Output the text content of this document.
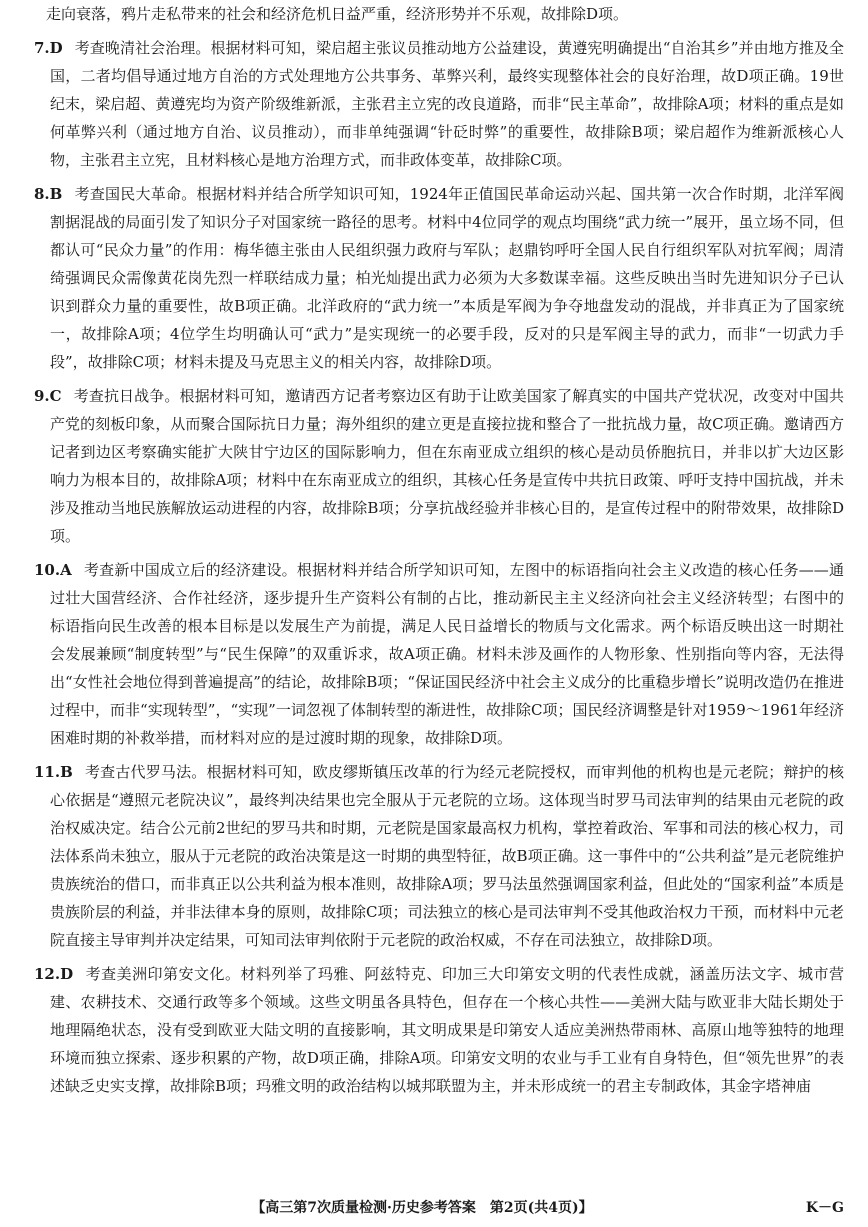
走向衰落，鸦片走私带来的社会和经济危机日益严重，经济形势并不乐观，故排除D项。

7.D 考查晚清社会治理。根据材料可知，梁启超主张议员推动地方公益建设，黄遵宪明确提出“自治其乡”并由地方推及全国，二者均倡导通过地方自治的方式处理地方公共事务、革弊兴利，最终实现整体社会的良好治理，故D项正确。19世纪末，梁启超、黄遵宪均为资产阶级维新派，主张君主立宪的改良道路，而非“民主革命”，故排除A项；材料的重点是如何革弊兴利（通过地方自治、议员推动），而非单纯强调“针砭时弊”的重要性，故排除B项；梁启超作为维新派核心人物，主张君主立宪，且材料核心是地方治理方式，而非政体变革，故排除C项。

8.B 考查国民大革命。根据材料并结合所学知识可知，1924年正值国民革命运动兴起、国共第一次合作时期，北洋军阀割据混战的局面引发了知识分子对国家统一路径的思考。材料中4位同学的观点均围绕“武力统一”展开，虽立场不同，但都认可“民众力量”的作用：梅华德主张由人民组织强力政府与军队；赵鼎钧呼吁全国人民自行组织军队对抗军阀；周清绮强调民众需像黄花岗先烈一样联结成力量；柏光灿提出武力必须为大多数谋幸福。这些反映出当时先进知识分子已认识到群众力量的重要性，故B项正确。北洋政府的“武力统一”本质是军阀为争夺地盘发动的混战，并非真正为了国家统一，故排除A项；4位学生均明确认可“武力”是实现统一的必要手段，反对的只是军阀主导的武力，而非“一切武力手段”，故排除C项；材料未提及马克思主义的相关内容，故排除D项。

9.C 考查抗日战争。根据材料可知，邀请西方记者考察边区有助于让欧美国家了解真实的中国共产党状况，改变对中国共产党的刻板印象，从而聚合国际抗日力量；海外组织的建立更是直接拉拢和整合了一批抗战力量，故C项正确。邀请西方记者到边区考察确实能扩大陕甘宁边区的国际影响力，但在东南亚成立组织的核心是动员侨胞抗日，并非以扩大边区影响力为根本目的，故排除A项；材料中在东南亚成立的组织，其核心任务是宣传中共抗日政策、呼吁支持中国抗战，并未涉及推动当地民族解放运动进程的内容，故排除B项；分享抗战经验并非核心目的，是宣传过程中的附带效果，故排除D项。

10.A 考查新中国成立后的经济建设。根据材料并结合所学知识可知，左图中的标语指向社会主义改造的核心任务——通过壮大国营经济、合作社经济，逐步提升生产资料公有制的占比，推动新民主主义经济向社会主义经济转型；右图中的标语指向民生改善的根本目标是以发展生产为前提，满足人民日益增长的物质与文化需求。两个标语反映出这一时期社会发展兼顾“制度转型”与“民生保障”的双重诉求，故A项正确。材料未涉及画作的人物形象、性别指向等内容，无法得出“女性社会地位得到普遍提高”的结论，故排除B项；“保证国民经济中社会主义成分的比重稳步增长”说明改造仍在推进过程中，而非“实现转型”，“实现”一词忽视了体制转型的渐进性，故排除C项；国民经济调整是针对1959～1961年经济困难时期的补救举措，而材料对应的是过渡时期的现象，故排除D项。

11.B 考查古代罗马法。根据材料可知，欧皮缪斯镇压改革的行为经元老院授权，而审判他的机构也是元老院；辩护的核心依据是“遵照元老院决议”，最终判决结果也完全服从于元老院的立场。这体现当时罗马司法审判的结果由元老院的政治权威决定。结合公元前2世纪的罗马共和时期，元老院是国家最高权力机构，掌控着政治、军事和司法的核心权力，司法体系尚未独立，服从于元老院的政治决策是这一时期的典型特征，故B项正确。这一事件中的“公共利益”是元老院维护贵族统治的借口，而非真正以公共利益为根本准则，故排除A项；罗马法虽然强调国家利益，但此处的“国家利益”本质是贵族阶层的利益，并非法律本身的原则，故排除C项；司法独立的核心是司法审判不受其他政治权力干预，而材料中元老院直接主导审判并决定结果，可知司法审判依附于元老院的政治权威，不存在司法独立，故排除D项。

12.D 考查美洲印第安文化。材料列举了玛雅、阿兹特克、印加三大印第安文明的代表性成就，涵盖历法文字、城市营建、农耕技术、交通行政等多个领域。这些文明虽各具特色，但存在一个核心共性——美洲大陆与欧亚非大陆长期处于地理隔绝状态，没有受到欧亚大陆文明的直接影响，其文明成果是印第安人适应美洲热带雨林、高原山地等独特的地理环境而独立探索、逐步积累的产物，故D项正确，排除A项。印第安文明的农业与手工业有自身特色，但“领先世界”的表述缺乏史实支撑，故排除B项；玛雅文明的政治结构以城邦联盟为主，并未形成统一的君主专制政体，其金字塔神庙

【高三第7次质量检测·历史参考答案　第2页(共4页)】	K－G
